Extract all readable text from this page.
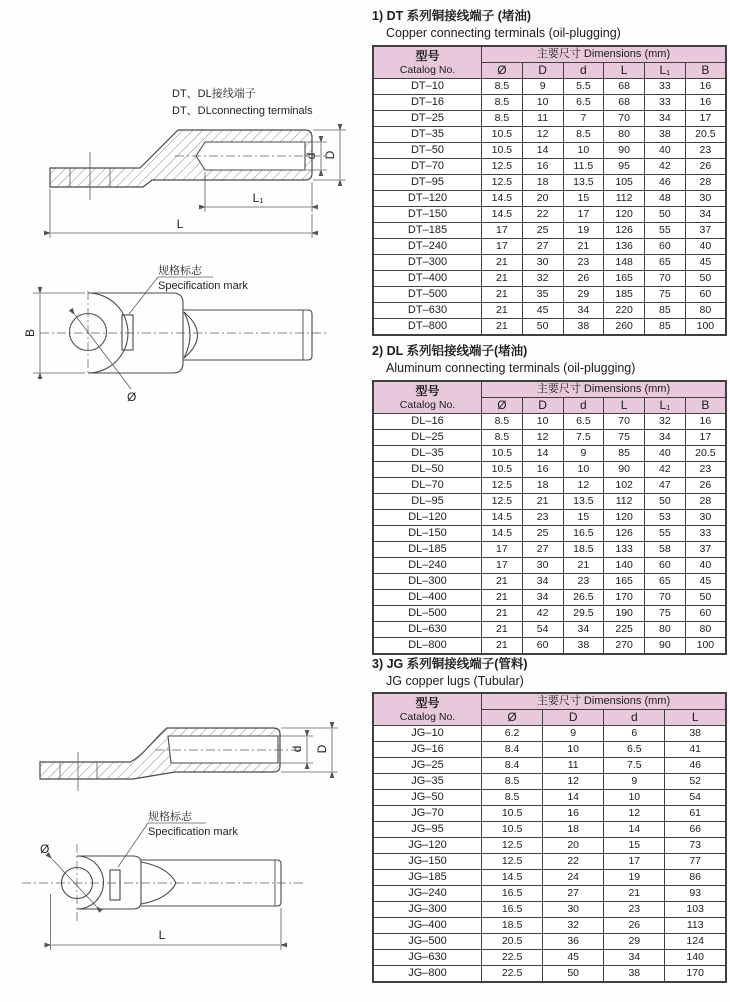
DT、DL接线端子
DT、DLconnecting terminals
d D
L₁
L
规格标志
Specification mark
Ø
B
d D
规格标志
Specification mark
Ø
L
1) DT 系列铜接线端子 (堵油)
Copper connecting terminals (oil-plugging)
型号
Catalog No.	主要尺寸 Dimensions (mm)					
	Ø	D	d	L	L₁	B
DT–10	8.5	9	5.5	68	33	16
DT–16	8.5	10	6.5	68	33	16
DT–25	8.5	11	7	70	34	17
DT–35	10.5	12	8.5	80	38	20.5
DT–50	10.5	14	10	90	40	23
DT–70	12.5	16	11.5	95	42	26
DT–95	12.5	18	13.5	105	46	28
DT–120	14.5	20	15	112	48	30
DT–150	14.5	22	17	120	50	34
DT–185	17	25	19	126	55	37
DT–240	17	27	21	136	60	40
DT–300	21	30	23	148	65	45
DT–400	21	32	26	165	70	50
DT–500	21	35	29	185	75	60
DT–630	21	45	34	220	85	80
DT–800	21	50	38	260	85	100
2) DL 系列铝接线端子(堵油)
Aluminum connecting terminals (oil-plugging)
型号
Catalog No.	主要尺寸 Dimensions (mm)					
	Ø	D	d	L	L₁	B
DL–16	8.5	10	6.5	70	32	16
DL–25	8.5	12	7.5	75	34	17
DL–35	10.5	14	9	85	40	20.5
DL–50	10.5	16	10	90	42	23
DL–70	12.5	18	12	102	47	26
DL–95	12.5	21	13.5	112	50	28
DL–120	14.5	23	15	120	53	30
DL–150	14.5	25	16.5	126	55	33
DL–185	17	27	18.5	133	58	37
DL–240	17	30	21	140	60	40
DL–300	21	34	23	165	65	45
DL–400	21	34	26.5	170	70	50
DL–500	21	42	29.5	190	75	60
DL–630	21	54	34	225	80	80
DL–800	21	60	38	270	90	100
3) JG 系列铜接线端子(管料)
JG copper lugs (Tubular)
型号
Catalog No.	主要尺寸 Dimensions (mm)			
	Ø	D	d	L
JG–10	6.2	9	6	38
JG–16	8.4	10	6.5	41
JG–25	8.4	11	7.5	46
JG–35	8.5	12	9	52
JG–50	8.5	14	10	54
JG–70	10.5	16	12	61
JG–95	10.5	18	14	66
JG–120	12.5	20	15	73
JG–150	12.5	22	17	77
JG–185	14.5	24	19	86
JG–240	16.5	27	21	93
JG–300	16.5	30	23	103
JG–400	18.5	32	26	113
JG–500	20.5	36	29	124
JG–630	22.5	45	34	140
JG–800	22.5	50	38	170
